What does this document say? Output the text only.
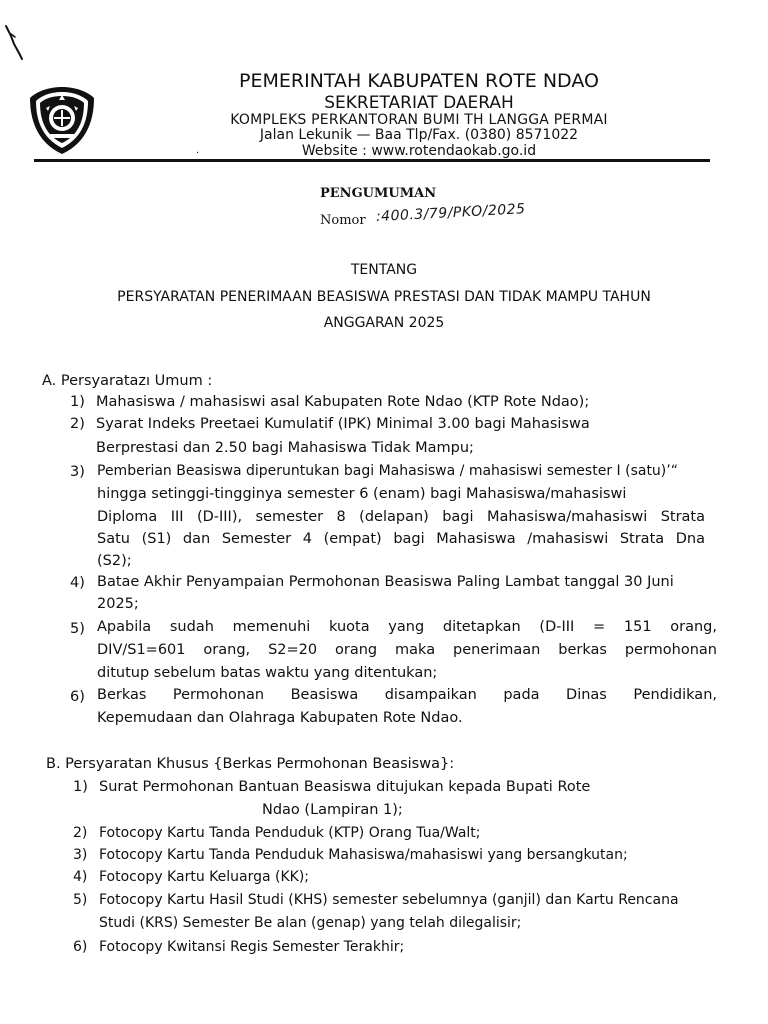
PEMERINTAH KABUPATEN ROTE NDAO
SEKRETARIAT DAERAH
KOMPLEKS PERKANTORAN BUMI TH LANGGA PERMAI
Jalan Lekunik — Baa Tlp/Fax. (0380) 8571022
Website : www.rotendaokab.go.id
.
PENGUMUMAN
Nomor :400.3/79/PKO/2025
TENTANG
PERSYARATAN PENERIMAAN BEASISWA PRESTASI DAN TIDAK MAMPU TAHUN
ANGGARAN 2025
A. Persyaratazı Umum :
1) Mahasiswa / mahasiswi asal Kabupaten Rote Ndao (KTP Rote Ndao);
2) Syarat Indeks Preetaei Kumulatif (IPK) Minimal 3.00 bagi Mahasiswa
Berprestasi dan 2.50 bagi Mahasiswa Tidak Mampu;
3) Pemberian Beasiswa diperuntukan bagi Mahasiswa / mahasiswi semester I (satu)’“
hingga setinggi-tingginya semester 6 (enam) bagi Mahasiswa/mahasiswi
Diploma III (D-III), semester 8 (delapan) bagi Mahasiswa/mahasiswi Strata
Satu (S1) dan Semester 4 (empat) bagi Mahasiswa /mahasiswi Strata Dna
(S2);
4) Batae Akhir Penyampaian Permohonan Beasiswa Paling Lambat tanggal 30 Juni
2025;
5) Apabila sudah memenuhi kuota yang ditetapkan (D-III = 151 orang,
DIV/S1=601 orang, S2=20 orang maka penerimaan berkas permohonan
ditutup sebelum batas waktu yang ditentukan;
6) Berkas Permohonan Beasiswa disampaikan pada Dinas Pendidikan,
Kepemudaan dan Olahraga Kabupaten Rote Ndao.
B. Persyaratan Khusus {Berkas Permohonan Beasiswa}:
1) Surat Permohonan Bantuan Beasiswa ditujukan kepada Bupati Rote
Ndao (Lampiran 1);
2) Fotocopy Kartu Tanda Penduduk (KTP) Orang Tua/Walt;
3) Fotocopy Kartu Tanda Penduduk Mahasiswa/mahasiswi yang bersangkutan;
4) Fotocopy Kartu Keluarga (KK);
5) Fotocopy Kartu Hasil Studi (KHS) semester sebelumnya (ganjil) dan Kartu Rencana
Studi (KRS) Semester Be alan (genap) yang telah dilegalisir;
6) Fotocopy Kwitansi Regis Semester Terakhir;
